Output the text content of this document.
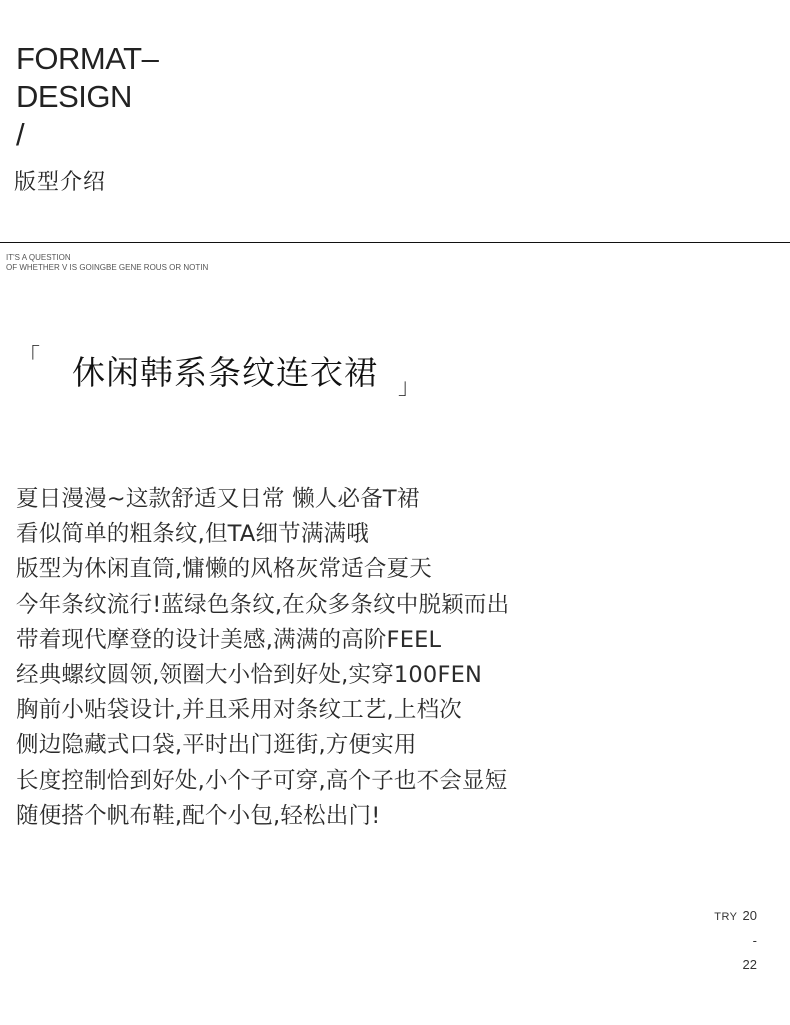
FORMAT–
DESIGN
/
版型介绍
IT'S A QUESTION
OF WHETHER V IS GOINGBE GENE ROUS OR NOTIN
「 休闲韩系条纹连衣裙 」
夏日漫漫~这款舒适又日常 懒人必备T裙
看似简单的粗条纹,但TA细节满满哦
版型为休闲直筒,慵懒的风格灰常适合夏天
今年条纹流行!蓝绿色条纹,在众多条纹中脱颖而出
带着现代摩登的设计美感,满满的高阶FEEL
经典螺纹圆领,领圈大小恰到好处,实穿100FEN
胸前小贴袋设计,并且采用对条纹工艺,上档次
侧边隐藏式口袋,平时出门逛街,方便实用
长度控制恰到好处,小个子可穿,高个子也不会显短
随便搭个帆布鞋,配个小包,轻松出门!
TRY 20
-
22
